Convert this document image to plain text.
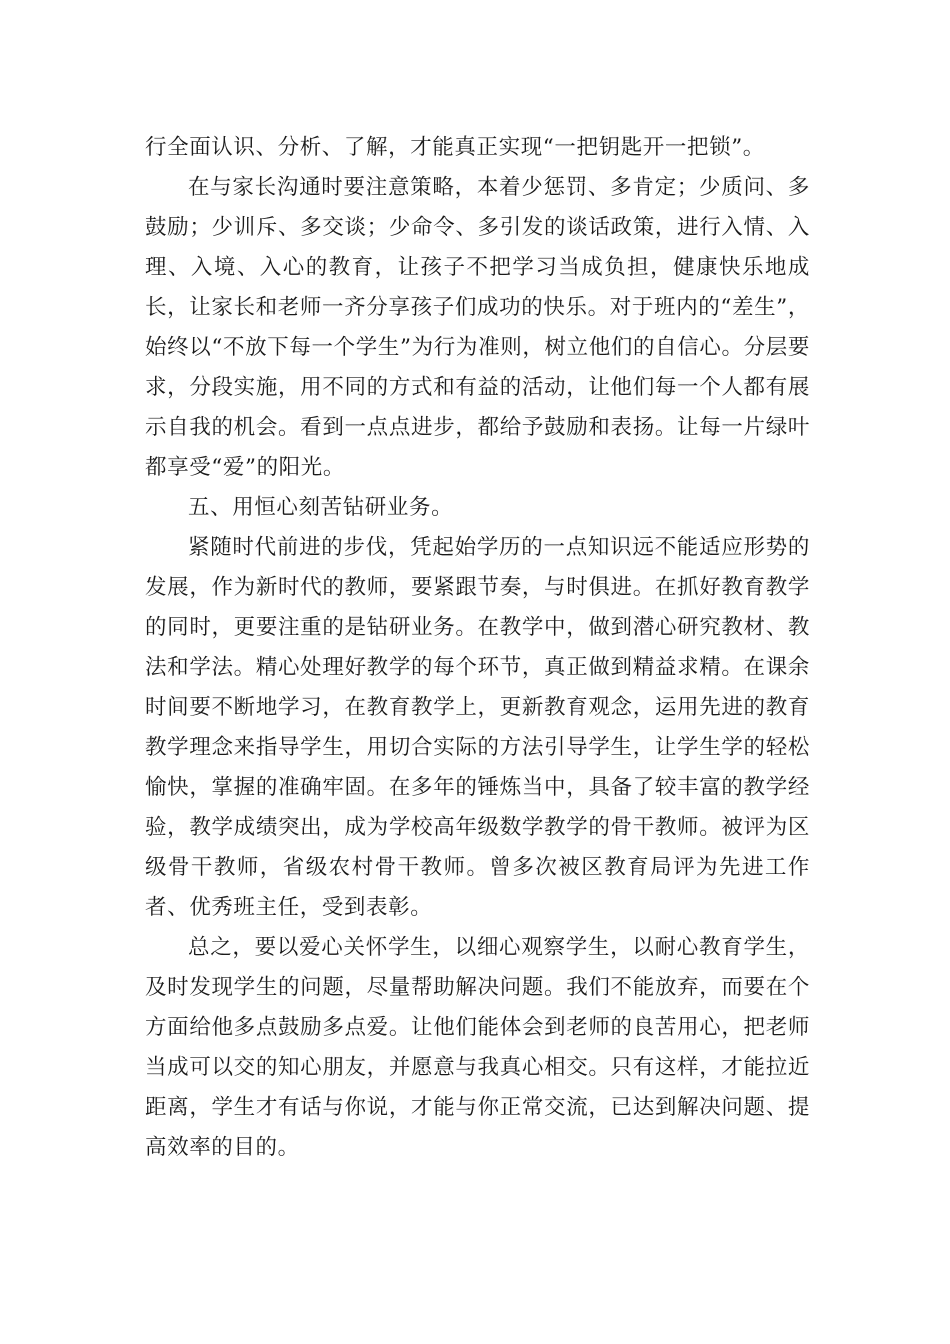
行全面认识、分析、了解，才能真正实现“一把钥匙开一把锁”。

在与家长沟通时要注意策略，本着少惩罚、多肯定；少质问、多鼓励；少训斥、多交谈；少命令、多引发的谈话政策，进行入情、入理、入境、入心的教育，让孩子不把学习当成负担，健康快乐地成长，让家长和老师一齐分享孩子们成功的快乐。对于班内的“差生”，始终以“不放下每一个学生”为行为准则，树立他们的自信心。分层要求，分段实施，用不同的方式和有益的活动，让他们每一个人都有展示自我的机会。看到一点点进步，都给予鼓励和表扬。让每一片绿叶都享受“爱”的阳光。

五、用恒心刻苦钻研业务。

紧随时代前进的步伐，凭起始学历的一点知识远不能适应形势的发展，作为新时代的教师，要紧跟节奏，与时俱进。在抓好教育教学的同时，更要注重的是钻研业务。在教学中，做到潜心研究教材、教法和学法。精心处理好教学的每个环节，真正做到精益求精。在课余时间要不断地学习，在教育教学上，更新教育观念，运用先进的教育教学理念来指导学生，用切合实际的方法引导学生，让学生学的轻松愉快，掌握的准确牢固。在多年的锤炼当中，具备了较丰富的教学经验，教学成绩突出，成为学校高年级数学教学的骨干教师。被评为区级骨干教师，省级农村骨干教师。曾多次被区教育局评为先进工作者、优秀班主任，受到表彰。

总之，要以爱心关怀学生，以细心观察学生，以耐心教育学生，及时发现学生的问题，尽量帮助解决问题。我们不能放弃，而要在个方面给他多点鼓励多点爱。让他们能体会到老师的良苦用心，把老师当成可以交的知心朋友，并愿意与我真心相交。只有这样，才能拉近距离，学生才有话与你说，才能与你正常交流，已达到解决问题、提高效率的目的。
